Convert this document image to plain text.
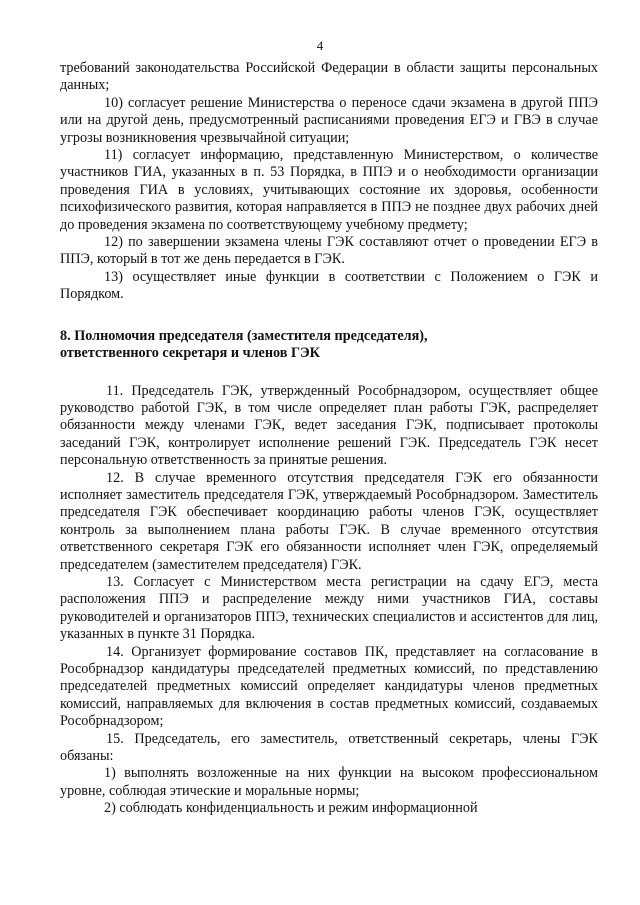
4

требований законодательства Российской Федерации в области защиты персональных данных;

10) согласует решение Министерства о переносе сдачи экзамена в другой ППЭ или на другой день, предусмотренный расписаниями проведения ЕГЭ и ГВЭ в случае угрозы возникновения чрезвычайной ситуации;

11) согласует информацию, представленную Министерством, о количестве участников ГИА, указанных в п. 53 Порядка, в ППЭ и о необходимости организации проведения ГИА в условиях, учитывающих состояние их здоровья, особенности психофизического развития, которая направляется в ППЭ не позднее двух рабочих дней до проведения экзамена по соответствующему учебному предмету;

12) по завершении экзамена члены ГЭК составляют отчет о проведении ЕГЭ в ППЭ, который в тот же день передается в ГЭК.

13) осуществляет иные функции в соответствии с Положением о ГЭК и Порядком.

8. Полномочия председателя (заместителя председателя),

ответственного секретаря и членов ГЭК

11. Председатель ГЭК, утвержденный Рособрнадзором, осуществляет общее руководство работой ГЭК, в том числе определяет план работы ГЭК, распределяет обязанности между членами ГЭК, ведет заседания ГЭК, подписывает протоколы заседаний ГЭК, контролирует исполнение решений ГЭК. Председатель ГЭК несет персональную ответственность за принятые решения.

12. В случае временного отсутствия председателя ГЭК его обязанности исполняет заместитель председателя ГЭК, утверждаемый Рособрнадзором. Заместитель председателя ГЭК обеспечивает координацию работы членов ГЭК, осуществляет контроль за выполнением плана работы ГЭК. В случае временного отсутствия ответственного секретаря ГЭК его обязанности исполняет член ГЭК, определяемый председателем (заместителем председателя) ГЭК.

13. Согласует с Министерством места регистрации на сдачу ЕГЭ, места расположения ППЭ и распределение между ними участников ГИА, составы руководителей и организаторов ППЭ, технических специалистов и ассистентов для лиц, указанных в пункте 31 Порядка.

14. Организует формирование составов ПК, представляет на согласование в Рособрнадзор кандидатуры председателей предметных комиссий, по представлению председателей предметных комиссий определяет кандидатуры членов предметных комиссий, направляемых для включения в состав предметных комиссий, создаваемых Рособрнадзором;

15. Председатель, его заместитель, ответственный секретарь, члены ГЭК обязаны:

1) выполнять возложенные на них функции на высоком профессиональном уровне, соблюдая этические и моральные нормы;

2) соблюдать конфиденциальность и режим информационной
